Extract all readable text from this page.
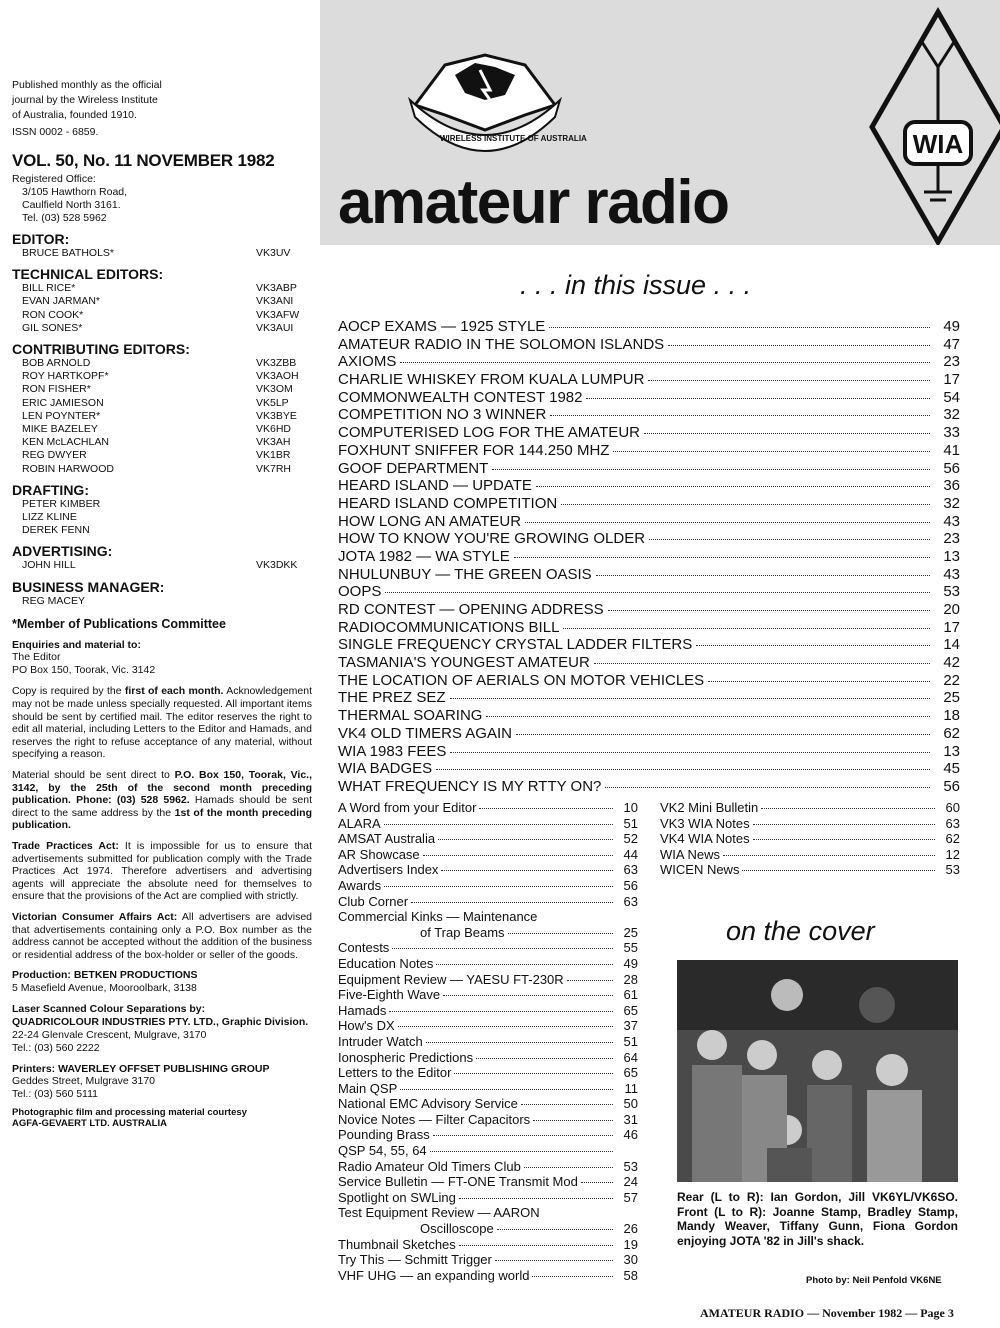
WIRELESS INSTITUTE OF AUSTRALIA	WIA
amateur radio

Published monthly as the official

journal by the Wireless Institute

of Australia, founded 1910.

ISSN 0002 - 6859.

VOL. 50, No. 11 NOVEMBER 1982

Registered Office:

3/105 Hawthorn Road,

Caulfield North 3161.

Tel. (03) 528 5962

EDITOR:

BRUCE BATHOLS*	VK3UV

TECHNICAL EDITORS:

BILL RICE*	VK3ABP
EVAN JARMAN*	VK3ANI
RON COOK*	VK3AFW
GIL SONES*	VK3AUI

CONTRIBUTING EDITORS:

BOB ARNOLD	VK3ZBB
ROY HARTKOPF*	VK3AOH
RON FISHER*	VK3OM
ERIC JAMIESON	VK5LP
LEN POYNTER*	VK3BYE
MIKE BAZELEY	VK6HD
KEN McLACHLAN	VK3AH
REG DWYER	VK1BR
ROBIN HARWOOD	VK7RH

DRAFTING:

PETER KIMBER
LIZZ KLINE
DEREK FENN

ADVERTISING:

JOHN HILL	VK3DKK

BUSINESS MANAGER:

REG MACEY

*Member of Publications Committee

Enquiries and material to:

The Editor

PO Box 150, Toorak, Vic. 3142

Copy is required by the first of each month. Acknowledgement may not be made unless specially requested. All important items should be sent by certified mail. The editor reserves the right to edit all material, including Letters to the Editor and Hamads, and reserves the right to refuse acceptance of any material, without specifying a reason.

Material should be sent direct to P.O. Box 150, Toorak, Vic., 3142, by the 25th of the second month preceding publication. Phone: (03) 528 5962. Hamads should be sent direct to the same address by the 1st of the month preceding publication.

Trade Practices Act: It is impossible for us to ensure that advertisements submitted for publication comply with the Trade Practices Act 1974. Therefore advertisers and advertising agents will appreciate the absolute need for themselves to ensure that the provisions of the Act are complied with strictly.

Victorian Consumer Affairs Act: All advertisers are advised that advertisements containing only a P.O. Box number as the address cannot be accepted without the addition of the business or residential address of the box-holder or seller of the goods.

Production: BETKEN PRODUCTIONS

5 Masefield Avenue, Mooroolbark, 3138

Laser Scanned Colour Separations by:

QUADRICOLOUR INDUSTRIES PTY. LTD., Graphic Division.

22-24 Glenvale Crescent, Mulgrave, 3170

Tel.: (03) 560 2222

Printers: WAVERLEY OFFSET PUBLISHING GROUP

Geddes Street, Mulgrave 3170

Tel.: (03) 560 5111

Photographic film and processing material courtesy

AGFA-GEVAERT LTD. AUSTRALIA

. . . in this issue . . .
AOCP EXAMS — 1925 STYLE	49
AMATEUR RADIO IN THE SOLOMON ISLANDS	47
AXIOMS	23
CHARLIE WHISKEY FROM KUALA LUMPUR	17
COMMONWEALTH CONTEST 1982	54
COMPETITION NO 3 WINNER	32
COMPUTERISED LOG FOR THE AMATEUR	33
FOXHUNT SNIFFER FOR 144.250 MHZ	41
GOOF DEPARTMENT	56
HEARD ISLAND — UPDATE	36
HEARD ISLAND COMPETITION	32
HOW LONG AN AMATEUR	43
HOW TO KNOW YOU'RE GROWING OLDER	23
JOTA 1982 — WA STYLE	13
NHULUNBUY — THE GREEN OASIS	43
OOPS	53
RD CONTEST — OPENING ADDRESS	20
RADIOCOMMUNICATIONS BILL	17
SINGLE FREQUENCY CRYSTAL LADDER FILTERS	14
TASMANIA'S YOUNGEST AMATEUR	42
THE LOCATION OF AERIALS ON MOTOR VEHICLES	22
THE PREZ SEZ	25
THERMAL SOARING	18
VK4 OLD TIMERS AGAIN	62
WIA 1983 FEES	13
WIA BADGES	45
WHAT FREQUENCY IS MY RTTY ON?	56
A Word from your Editor	10
ALARA	51
AMSAT Australia	52
AR Showcase	44
Advertisers Index	63
Awards	56
Club Corner	63
Commercial Kinks — Maintenance
of Trap Beams	25
Contests	55
Education Notes	49
Equipment Review — YAESU FT-230R	28
Five-Eighth Wave	61
Hamads	65
How's DX	37
Intruder Watch	51
Ionospheric Predictions	64
Letters to the Editor	65
Main QSP	11
National EMC Advisory Service	50
Novice Notes — Filter Capacitors	31
Pounding Brass	46
QSP 54, 55, 64
Radio Amateur Old Timers Club	53
Service Bulletin — FT-ONE Transmit Mod	24
Spotlight on SWLing	57
Test Equipment Review — AARON
Oscilloscope	26
Thumbnail Sketches	19
Try This — Schmitt Trigger	30
VHF UHG — an expanding world	58
VK2 Mini Bulletin	60
VK3 WIA Notes	63
VK4 WIA Notes	62
WIA News	12
WICEN News	53
on the cover
Rear (L to R): Ian Gordon, Jill VK6YL/VK6SO. Front (L to R): Joanne Stamp, Bradley Stamp, Mandy Weaver, Tiffany Gunn, Fiona Gordon enjoying JOTA '82 in Jill's shack.
Photo by: Neil Penfold VK6NE
AMATEUR RADIO — November 1982 — Page 3
